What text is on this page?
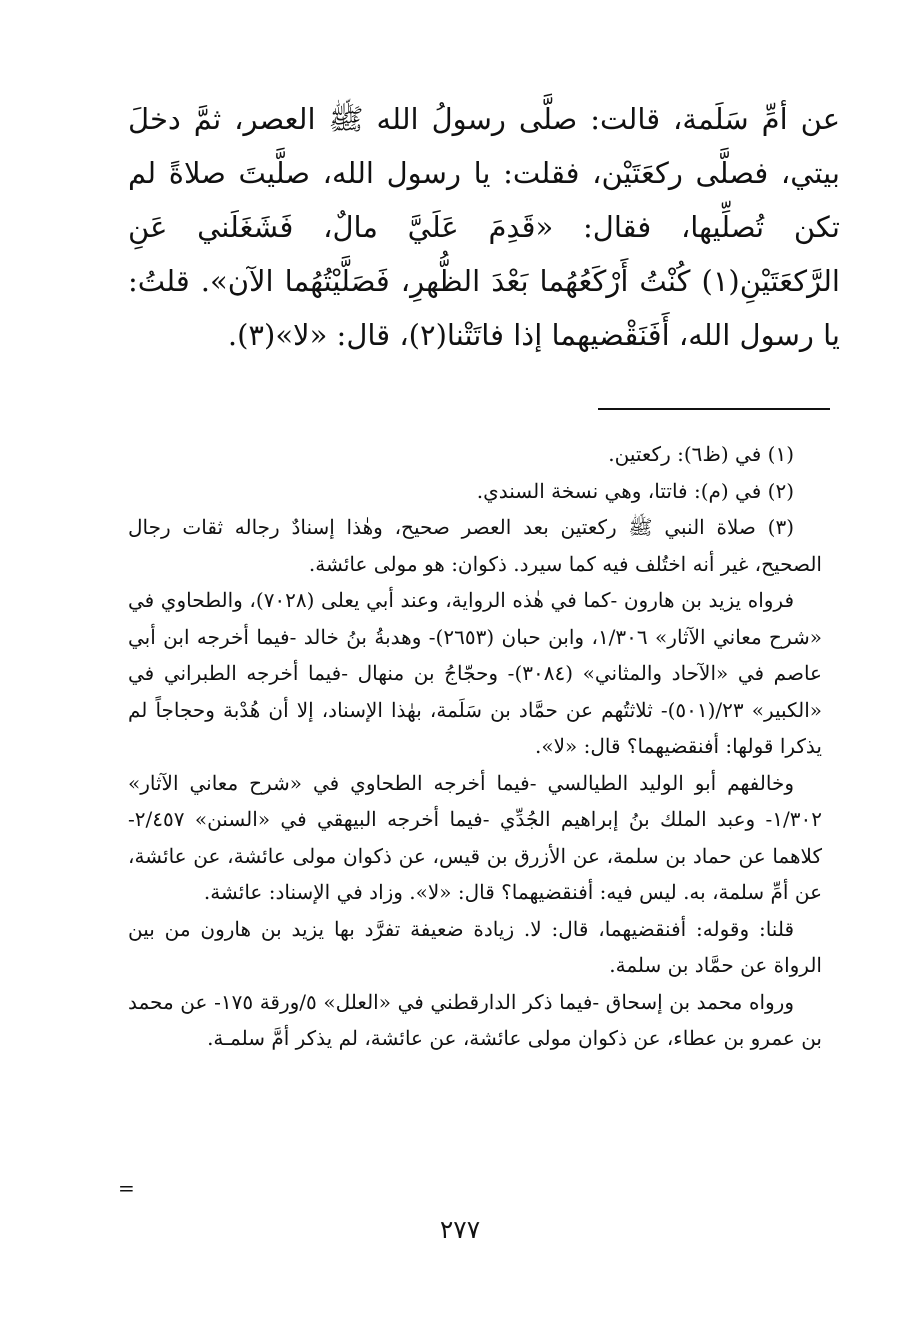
عن أمِّ سَلَمة، قالت: صلَّى رسولُ الله ﷺ العصر، ثمَّ دخلَ بيتي، فصلَّى ركعَتَيْن، فقلت: يا رسول الله، صلَّيتَ صلاةً لم تكن تُصلِّيها، فقال: «قَدِمَ عَلَيَّ مالٌ، فَشَغَلَني عَنِ الرَّكعَتَيْنِ(١) كُنْتُ أَرْكَعُهُما بَعْدَ الظُّهرِ، فَصَلَّيْتُهُما الآن». قلتُ: يا رسول الله، أَفَنَقْضيهما إذا فاتَتْنا(٢)، قال: «لا»(٣).

(١) في (ظ٦): ركعتين.

(٢) في (م): فاتتا، وهي نسخة السندي.

(٣) صلاة النبي ﷺ ركعتين بعد العصر صحيح، وهٰذا إسنادٌ رجاله ثقات رجال الصحيح، غير أنه اختُلف فيه كما سيرد. ذكوان: هو مولى عائشة.

فرواه يزيد بن هارون -كما في هٰذه الرواية، وعند أبي يعلى (٧٠٢٨)، والطحاوي في «شرح معاني الآثار» ١/٣٠٦، وابن حبان (٢٦٥٣)- وهدبةُ بنُ خالد -فيما أخرجه ابن أبي عاصم في «الآحاد والمثاني» (٣٠٨٤)- وحجّاجُ بن منهال -فيما أخرجه الطبراني في «الكبير» ٢٣/(٥٠١)- ثلاثتُهم عن حمَّاد بن سَلَمة، بهٰذا الإسناد، إلا أن هُدْبة وحجاجاً لم يذكرا قولها: أفنقضيهما؟ قال: «لا».

وخالفهم أبو الوليد الطيالسي -فيما أخرجه الطحاوي في «شرح معاني الآثار» ١/٣٠٢- وعبد الملك بنُ إبراهيم الجُدِّي -فيما أخرجه البيهقي في «السنن» ٢/٤٥٧- كلاهما عن حماد بن سلمة، عن الأزرق بن قيس، عن ذكوان مولى عائشة، عن عائشة، عن أمِّ سلمة، به. ليس فيه: أفنقضيهما؟ قال: «لا». وزاد في الإسناد: عائشة.

قلنا: وقوله: أفنقضيهما، قال: لا. زيادة ضعيفة تفرَّد بها يزيد بن هارون من بين الرواة عن حمَّاد بن سلمة.

ورواه محمد بن إسحاق -فيما ذكر الدارقطني في «العلل» ٥/ورقة ١٧٥- عن محمد بن عمرو بن عطاء، عن ذكوان مولى عائشة، عن عائشة، لم يذكر أمَّ سلمـة.

=
٢٧٧
